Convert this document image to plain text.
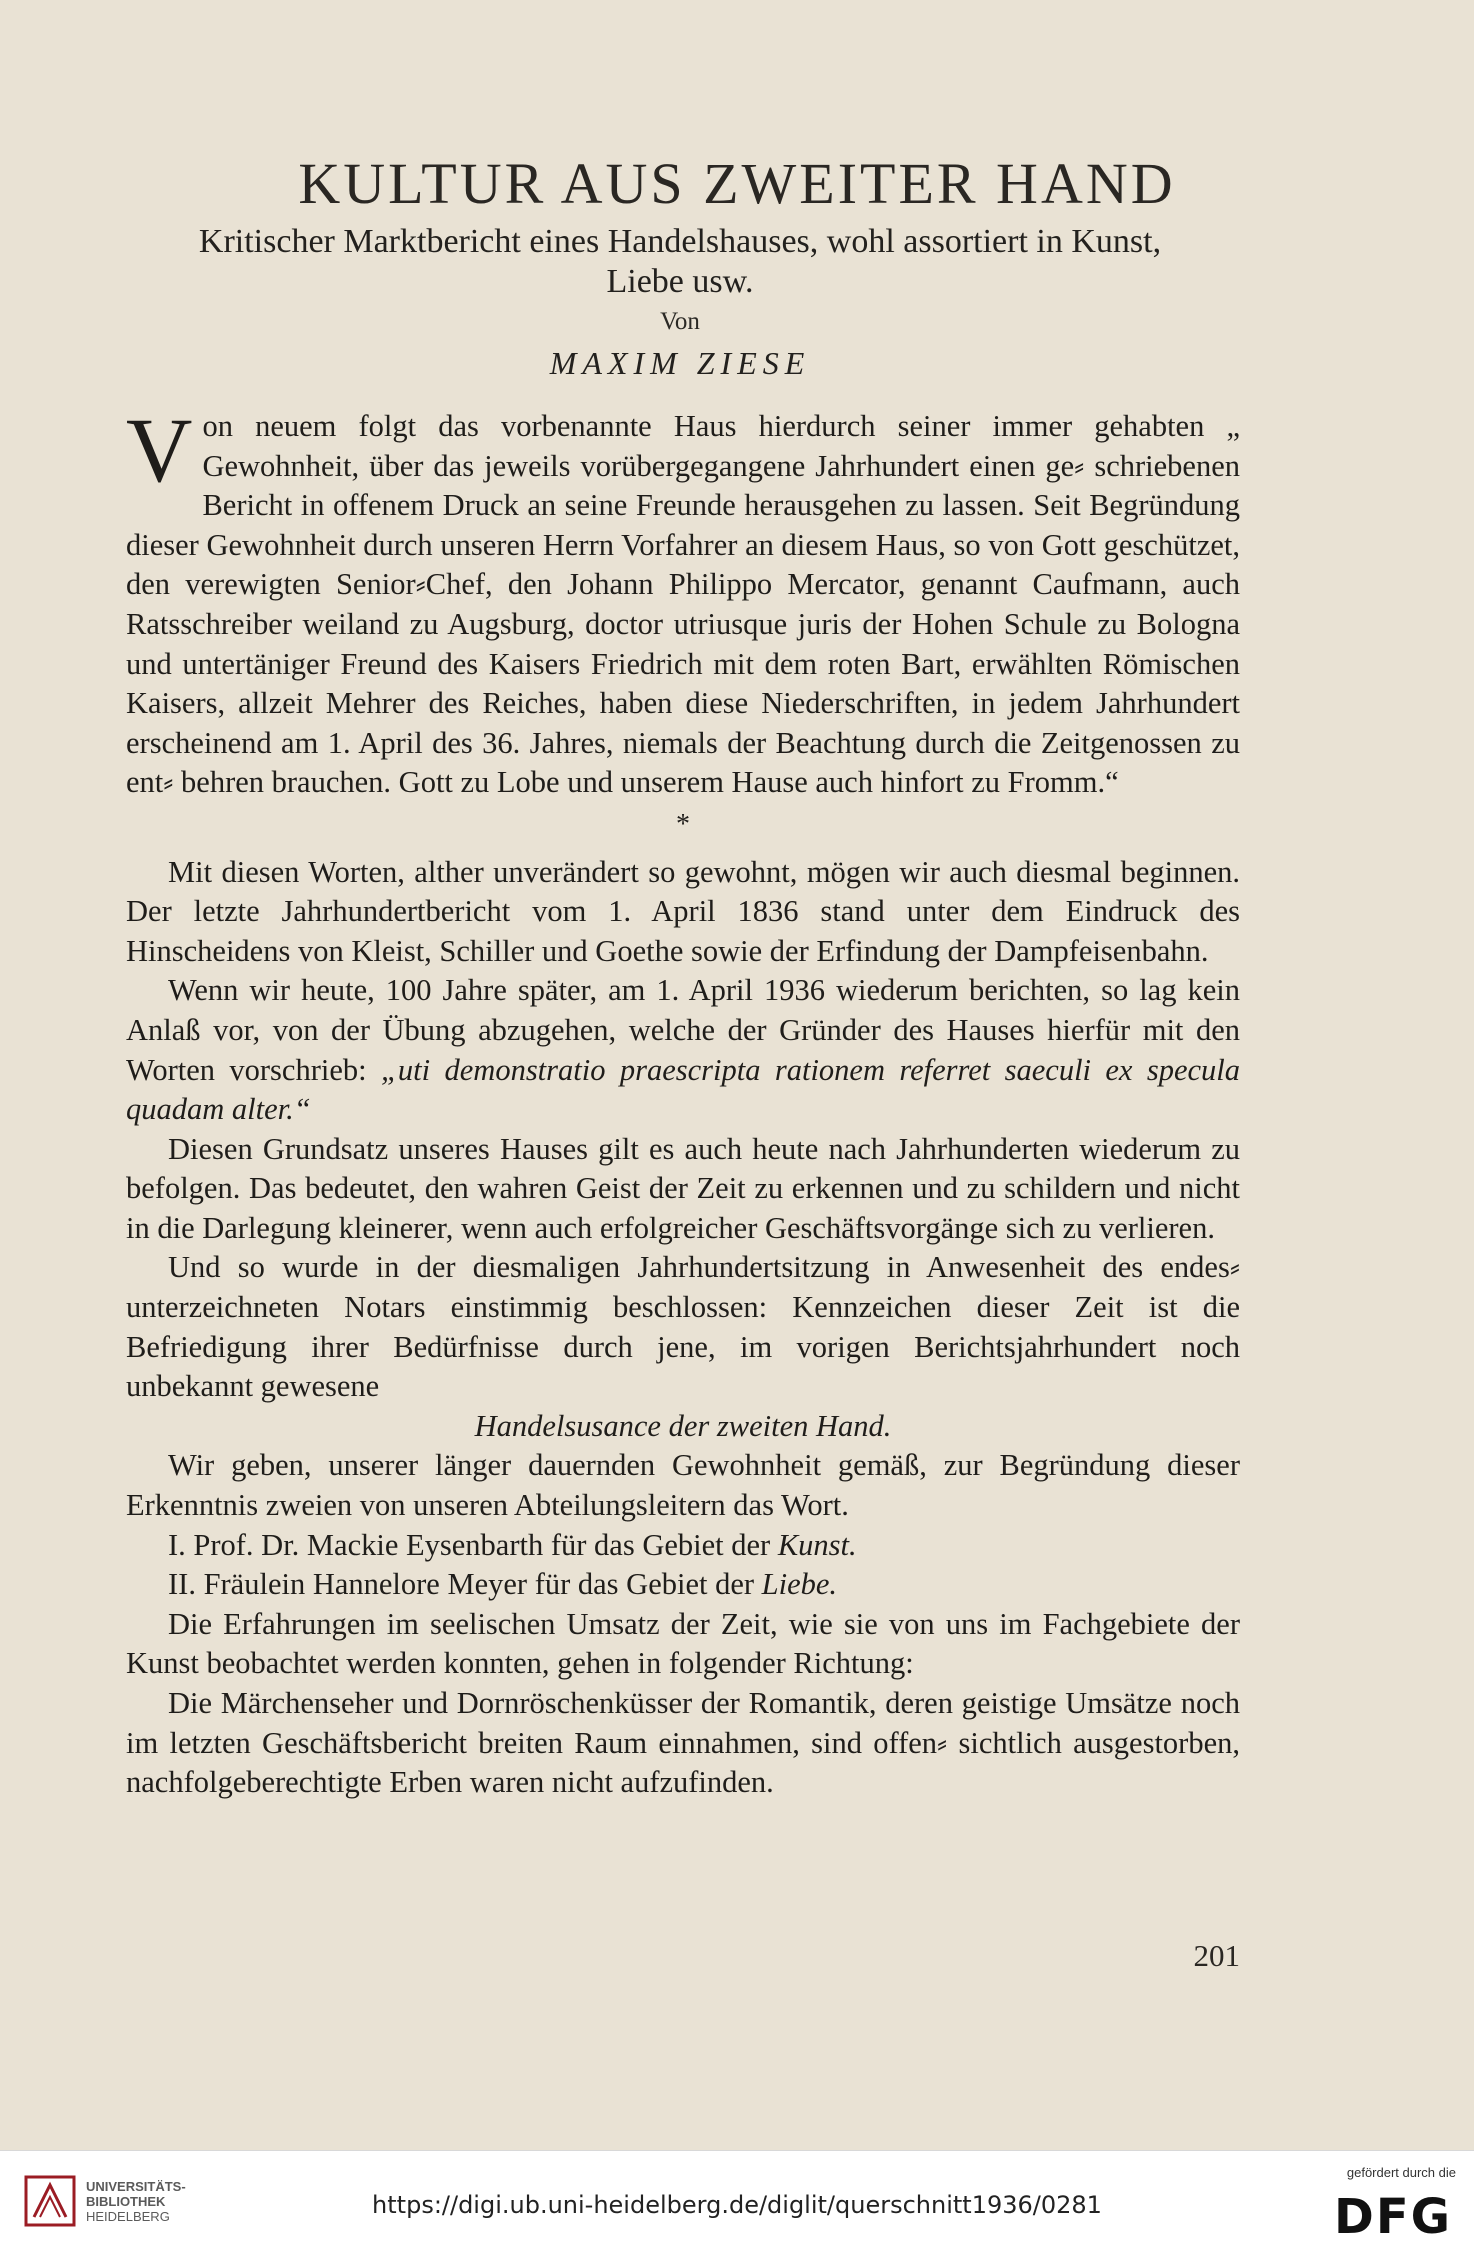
KULTUR AUS ZWEITER HAND
Kritischer Marktbericht eines Handelshauses, wohl assortiert in Kunst,
Liebe usw.
Von
MAXIM ZIESE

Von neuem folgt das vorbenannte Haus hierdurch seiner immer gehabten „ Gewohnheit, über das jeweils vorübergegangene Jahrhundert einen ge⸗ schriebenen Bericht in offenem Druck an seine Freunde herausgehen zu lassen. Seit Begründung dieser Gewohnheit durch unseren Herrn Vorfahrer an diesem Haus, so von Gott geschützet, den verewigten Senior⸗Chef, den Johann Philippo Mercator, genannt Caufmann, auch Ratsschreiber weiland zu Augsburg, doctor utriusque juris der Hohen Schule zu Bologna und untertäniger Freund des Kaisers Friedrich mit dem roten Bart, erwählten Römischen Kaisers, allzeit Mehrer des Reiches, haben diese Niederschriften, in jedem Jahrhundert erscheinend am 1. April des 36. Jahres, niemals der Beachtung durch die Zeitgenossen zu ent⸗ behren brauchen. Gott zu Lobe und unserem Hause auch hinfort zu Fromm.“

*

Mit diesen Worten, alther unverändert so gewohnt, mögen wir auch diesmal beginnen. Der letzte Jahrhundertbericht vom 1. April 1836 stand unter dem Eindruck des Hinscheidens von Kleist, Schiller und Goethe sowie der Erfindung der Dampfeisenbahn.

Wenn wir heute, 100 Jahre später, am 1. April 1936 wiederum berichten, so lag kein Anlaß vor, von der Übung abzugehen, welche der Gründer des Hauses hierfür mit den Worten vorschrieb: „uti demonstratio praescripta rationem referret saeculi ex specula quadam alter.“

Diesen Grundsatz unseres Hauses gilt es auch heute nach Jahrhunderten wiederum zu befolgen. Das bedeutet, den wahren Geist der Zeit zu erkennen und zu schildern und nicht in die Darlegung kleinerer, wenn auch erfolgreicher Geschäftsvorgänge sich zu verlieren.

Und so wurde in der diesmaligen Jahrhundertsitzung in Anwesenheit des endes⸗ unterzeichneten Notars einstimmig beschlossen: Kennzeichen dieser Zeit ist die Befriedigung ihrer Bedürfnisse durch jene, im vorigen Berichtsjahrhundert noch unbekannt gewesene

Handelsusance der zweiten Hand.

Wir geben, unserer länger dauernden Gewohnheit gemäß, zur Begründung dieser Erkenntnis zweien von unseren Abteilungsleitern das Wort.

I. Prof. Dr. Mackie Eysenbarth für das Gebiet der Kunst.

II. Fräulein Hannelore Meyer für das Gebiet der Liebe.

Die Erfahrungen im seelischen Umsatz der Zeit, wie sie von uns im Fachgebiete der Kunst beobachtet werden konnten, gehen in folgender Richtung:

Die Märchenseher und Dornröschenküsser der Romantik, deren geistige Umsätze noch im letzten Geschäftsbericht breiten Raum einnahmen, sind offen⸗ sichtlich ausgestorben, nachfolgeberechtigte Erben waren nicht aufzufinden.

201
UNIVERSITÄTS-
BIBLIOTHEK
HEIDELBERG	https://digi.ub.uni-heidelberg.de/diglit/querschnitt1936/0281
gefördert durch die
DFG
